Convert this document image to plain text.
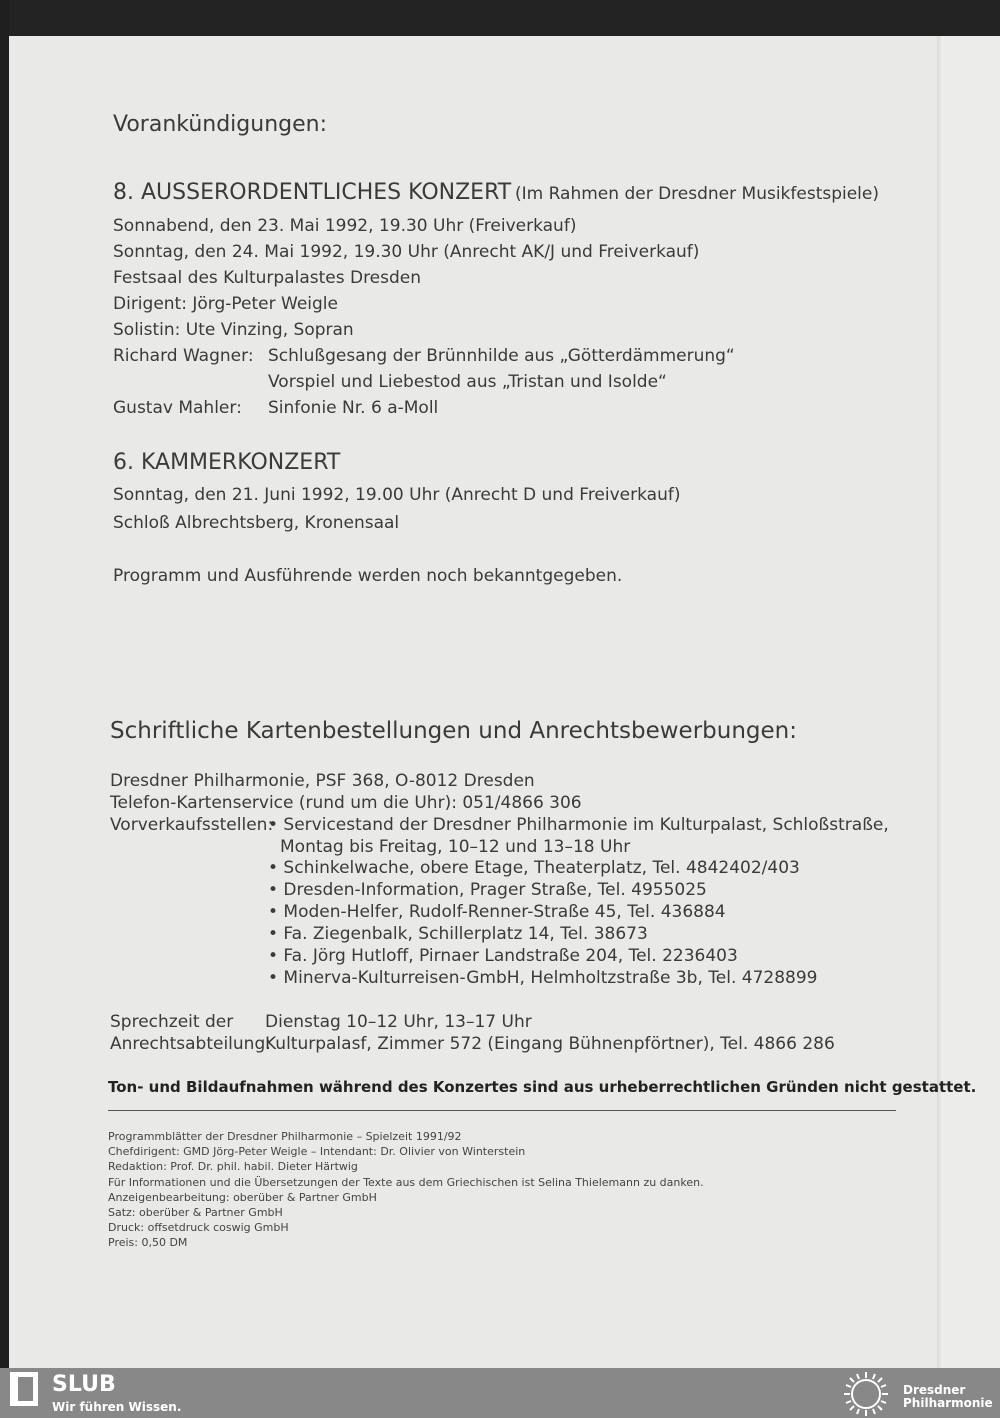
Vorankündigungen:
8. AUSSERORDENTLICHES KONZERT (Im Rahmen der Dresdner Musikfestspiele)
Sonnabend, den 23. Mai 1992, 19.30 Uhr (Freiverkauf)
Sonntag, den 24. Mai 1992, 19.30 Uhr (Anrecht AK/J und Freiverkauf)
Festsaal des Kulturpalastes Dresden
Dirigent: Jörg-Peter Weigle
Solistin: Ute Vinzing, Sopran
Richard Wagner: Schlußgesang der Brünnhilde aus „Götterdämmerung“
Vorspiel und Liebestod aus „Tristan und Isolde“
Gustav Mahler: Sinfonie Nr. 6 a-Moll
6. KAMMERKONZERT
Sonntag, den 21. Juni 1992, 19.00 Uhr (Anrecht D und Freiverkauf)
Schloß Albrechtsberg, Kronensaal
Programm und Ausführende werden noch bekanntgegeben.
Schriftliche Kartenbestellungen und Anrechtsbewerbungen:
Dresdner Philharmonie, PSF 368, O-8012 Dresden
Telefon-Kartenservice (rund um die Uhr): 051/4866 306
Vorverkaufsstellen:
• Servicestand der Dresdner Philharmonie im Kulturpalast, Schloßstraße,
Montag bis Freitag, 10–12 und 13–18 Uhr
• Schinkelwache, obere Etage, Theaterplatz, Tel. 4842402/403
• Dresden-Information, Prager Straße, Tel. 4955025
• Moden-Helfer, Rudolf-Renner-Straße 45, Tel. 436884
• Fa. Ziegenbalk, Schillerplatz 14, Tel. 38673
• Fa. Jörg Hutloff, Pirnaer Landstraße 204, Tel. 2236403
• Minerva-Kulturreisen-GmbH, Helmholtzstraße 3b, Tel. 4728899
Sprechzeit der
Anrechtsabteilung:
Dienstag 10–12 Uhr, 13–17 Uhr
Kulturpalasf, Zimmer 572 (Eingang Bühnenpförtner), Tel. 4866 286
Ton- und Bildaufnahmen während des Konzertes sind aus urheberrechtlichen Gründen nicht gestattet.
Programmblätter der Dresdner Philharmonie – Spielzeit 1991/92
Chefdirigent: GMD Jörg-Peter Weigle – Intendant: Dr. Olivier von Winterstein
Redaktion: Prof. Dr. phil. habil. Dieter Härtwig
Für Informationen und die Übersetzungen der Texte aus dem Griechischen ist Selina Thielemann zu danken.
Anzeigenbearbeitung: oberüber & Partner GmbH
Satz: oberüber & Partner GmbH
Druck: offsetdruck coswig GmbH
Preis: 0,50 DM
SLUB
Wir führen Wissen.
Dresdner
Philharmonie
